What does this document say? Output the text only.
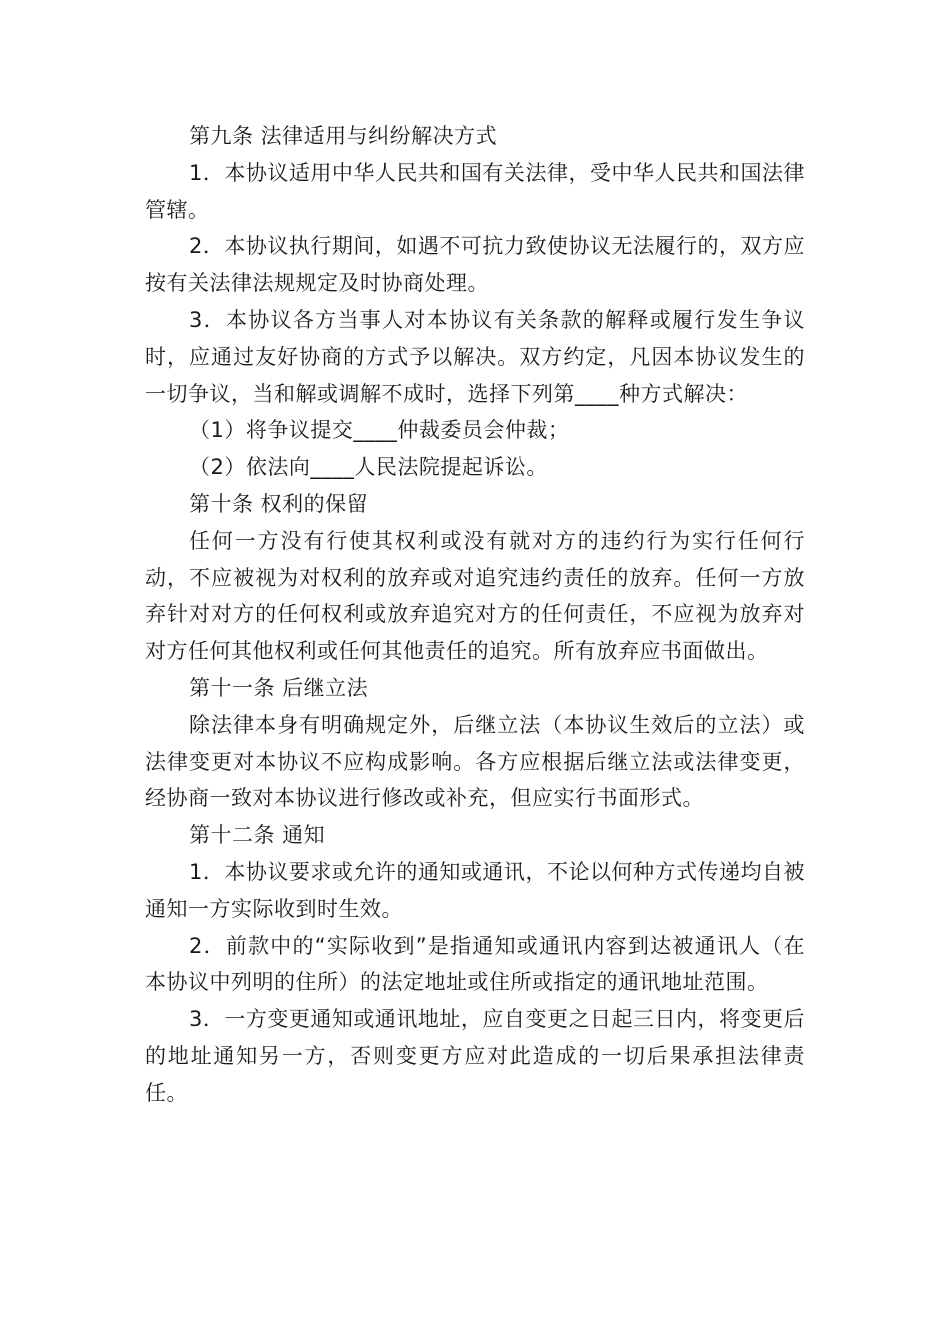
第九条 法律适用与纠纷解决方式

1．本协议适用中华人民共和国有关法律，受中华人民共和国法律管辖。

2．本协议执行期间，如遇不可抗力致使协议无法履行的，双方应按有关法律法规规定及时协商处理。

3．本协议各方当事人对本协议有关条款的解释或履行发生争议时，应通过友好协商的方式予以解决。双方约定，凡因本协议发生的一切争议，当和解或调解不成时，选择下列第____种方式解决：

（1）将争议提交____仲裁委员会仲裁；

（2）依法向____人民法院提起诉讼。

第十条 权利的保留

任何一方没有行使其权利或没有就对方的违约行为实行任何行动，不应被视为对权利的放弃或对追究违约责任的放弃。任何一方放弃针对对方的任何权利或放弃追究对方的任何责任，不应视为放弃对对方任何其他权利或任何其他责任的追究。所有放弃应书面做出。

第十一条 后继立法

除法律本身有明确规定外，后继立法（本协议生效后的立法）或法律变更对本协议不应构成影响。各方应根据后继立法或法律变更，经协商一致对本协议进行修改或补充，但应实行书面形式。

第十二条 通知

1．本协议要求或允许的通知或通讯，不论以何种方式传递均自被通知一方实际收到时生效。

2．前款中的“实际收到”是指通知或通讯内容到达被通讯人（在本协议中列明的住所）的法定地址或住所或指定的通讯地址范围。

3．一方变更通知或通讯地址，应自变更之日起三日内，将变更后的地址通知另一方，否则变更方应对此造成的一切后果承担法律责任。
